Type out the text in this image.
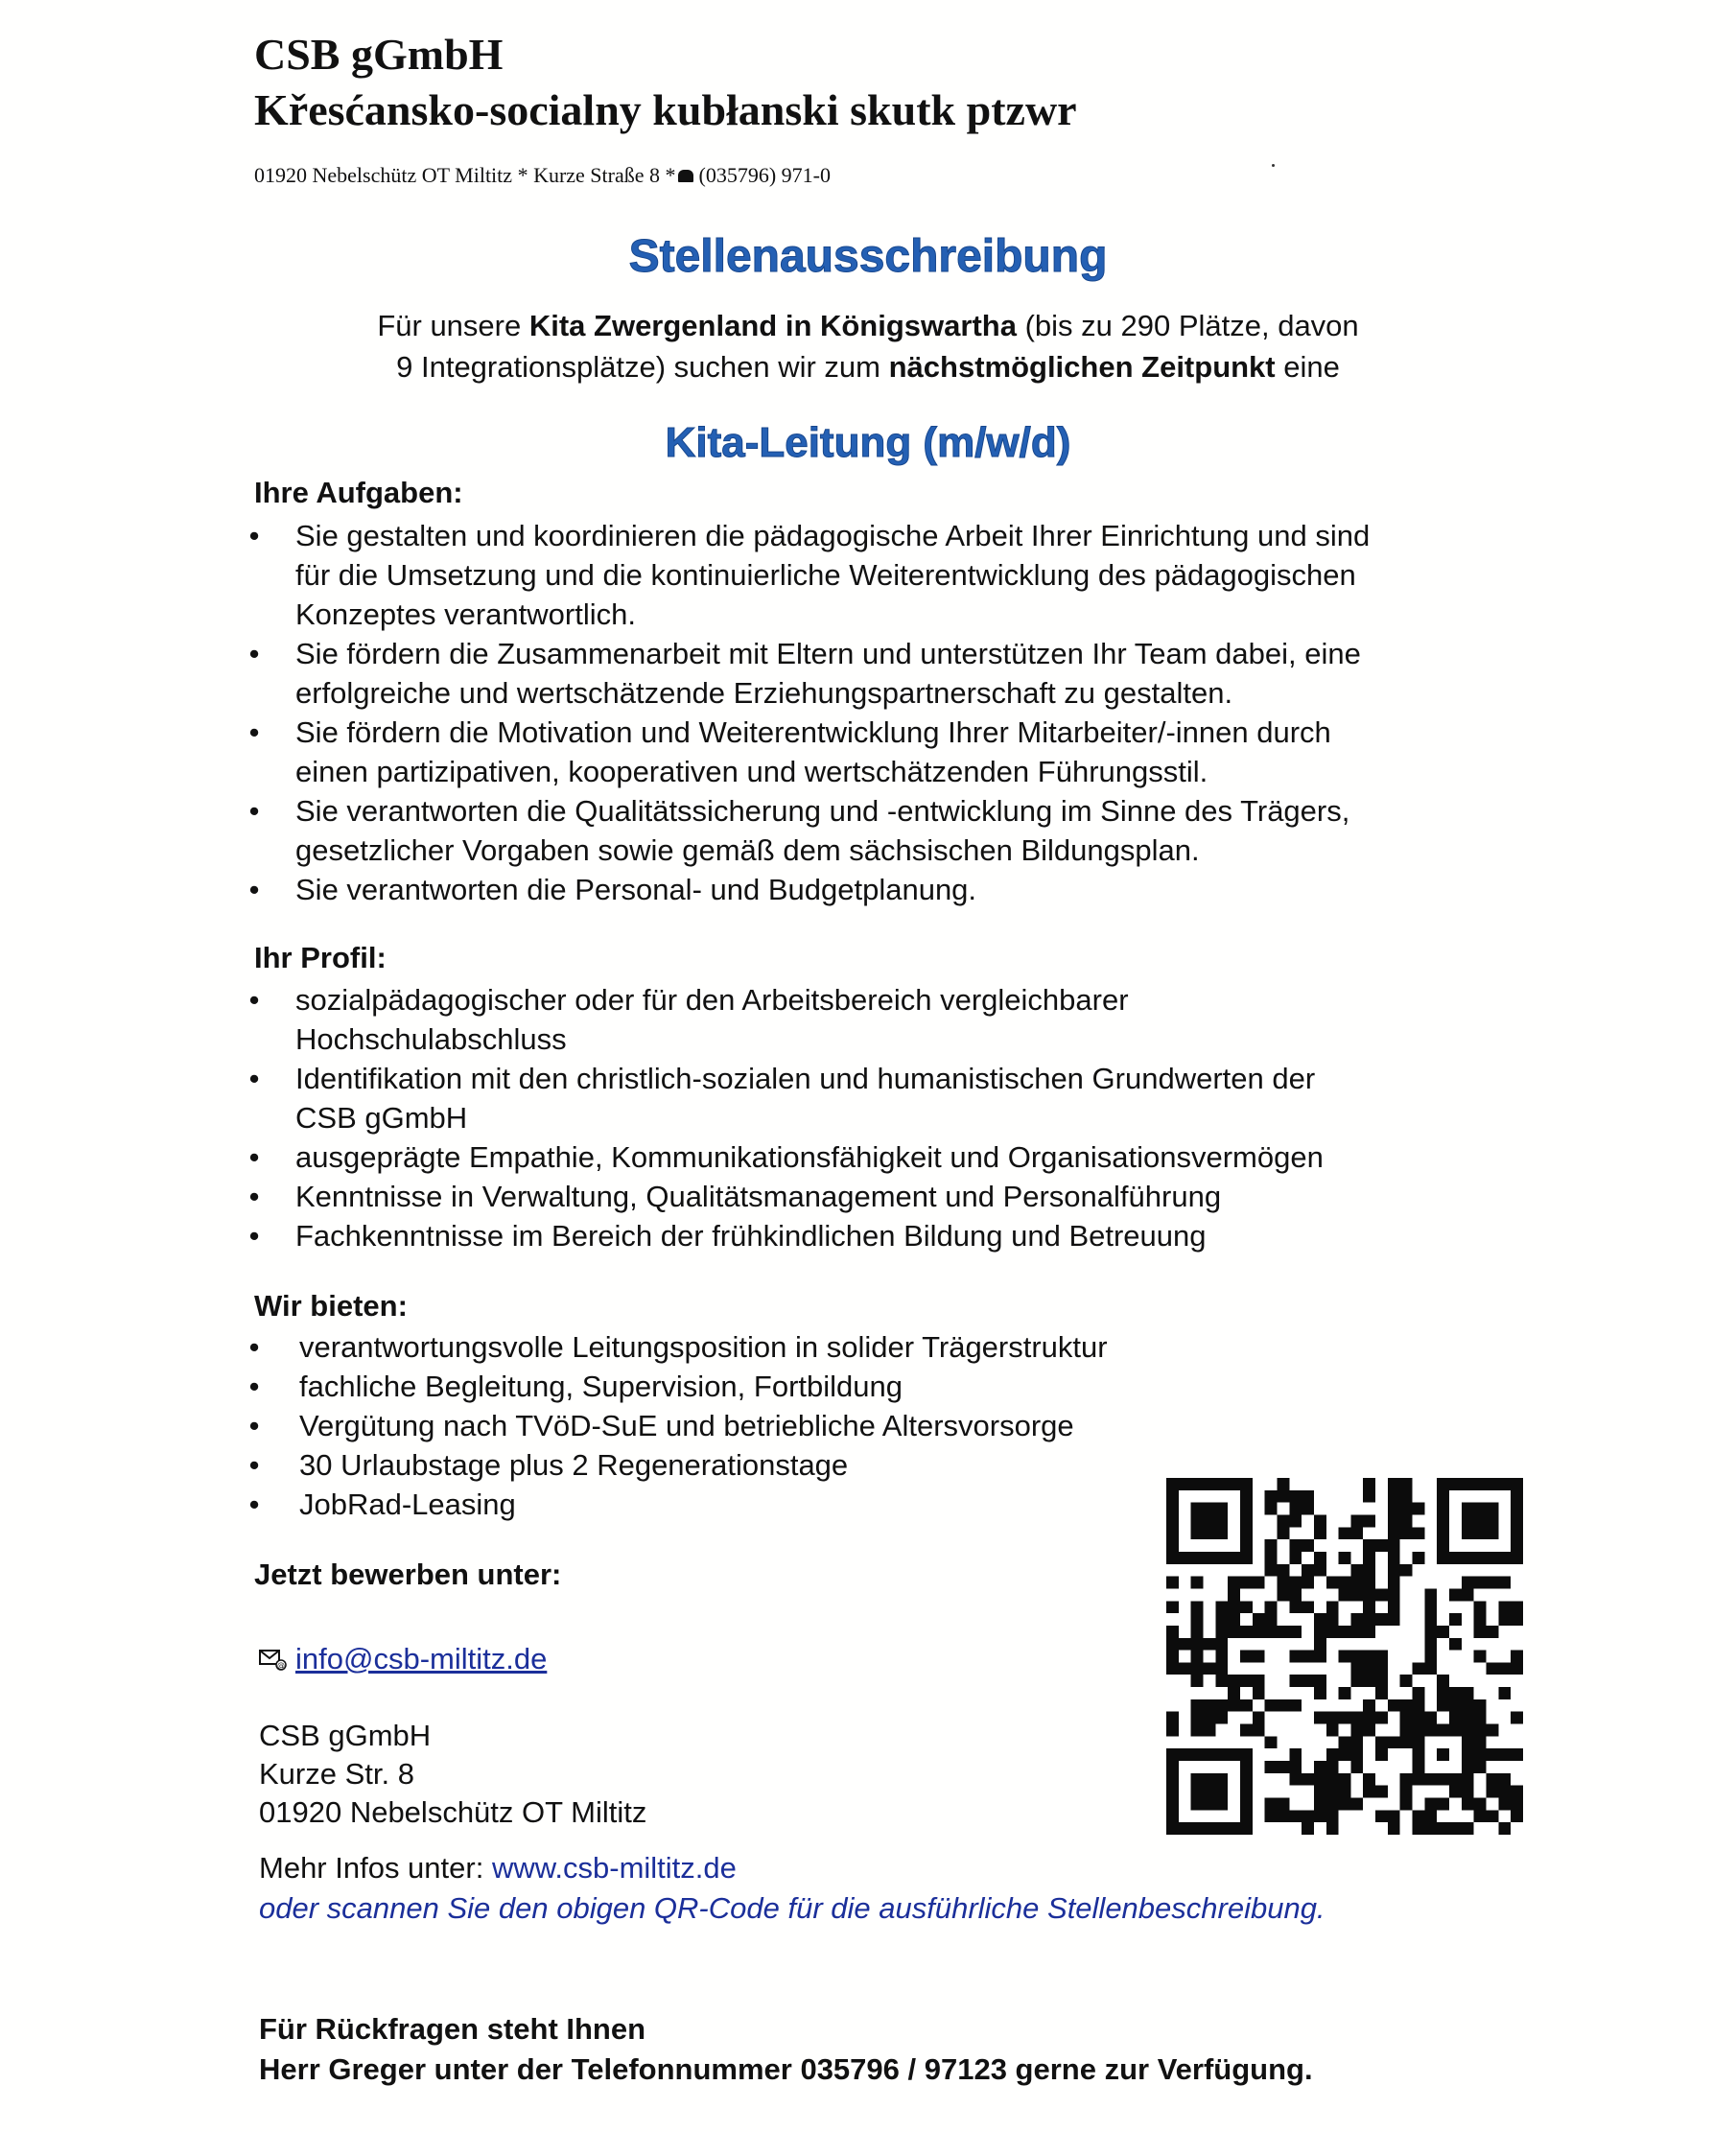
CSB gGmbH
Křesćansko-socialny kubłanski skutk ptzwr
01920 Nebelschütz OT Miltitz * Kurze Straße 8 * (035796) 971-0
Stellenausschreibung
Für unsere Kita Zwergenland in Königswartha (bis zu 290 Plätze, davon
9 Integrationsplätze) suchen wir zum nächstmöglichen Zeitpunkt eine
Kita-Leitung (m/w/d)
Ihre Aufgaben:
• Sie gestalten und koordinieren die pädagogische Arbeit Ihrer Einrichtung und sind
für die Umsetzung und die kontinuierliche Weiterentwicklung des pädagogischen
Konzeptes verantwortlich.
• Sie fördern die Zusammenarbeit mit Eltern und unterstützen Ihr Team dabei, eine
erfolgreiche und wertschätzende Erziehungspartnerschaft zu gestalten.
• Sie fördern die Motivation und Weiterentwicklung Ihrer Mitarbeiter/-innen durch
einen partizipativen, kooperativen und wertschätzenden Führungsstil.
• Sie verantworten die Qualitätssicherung und -entwicklung im Sinne des Trägers,
gesetzlicher Vorgaben sowie gemäß dem sächsischen Bildungsplan.
• Sie verantworten die Personal- und Budgetplanung.
Ihr Profil:
• sozialpädagogischer oder für den Arbeitsbereich vergleichbarer
Hochschulabschluss
• Identifikation mit den christlich-sozialen und humanistischen Grundwerten der
CSB gGmbH
• ausgeprägte Empathie, Kommunikationsfähigkeit und Organisationsvermögen
• Kenntnisse in Verwaltung, Qualitätsmanagement und Personalführung
• Fachkenntnisse im Bereich der frühkindlichen Bildung und Betreuung
Wir bieten:
• verantwortungsvolle Leitungsposition in solider Trägerstruktur
• fachliche Begleitung, Supervision, Fortbildung
• Vergütung nach TVöD-SuE und betriebliche Altersvorsorge
• 30 Urlaubstage plus 2 Regenerationstage
• JobRad-Leasing
Jetzt bewerben unter:
@ info@csb-miltitz.de
CSB gGmbH
Kurze Str. 8
01920 Nebelschütz OT Miltitz
Mehr Infos unter: www.csb-miltitz.de
oder scannen Sie den obigen QR-Code für die ausführliche Stellenbeschreibung.
Für Rückfragen steht Ihnen
Herr Greger unter der Telefonnummer 035796 / 97123 gerne zur Verfügung.
